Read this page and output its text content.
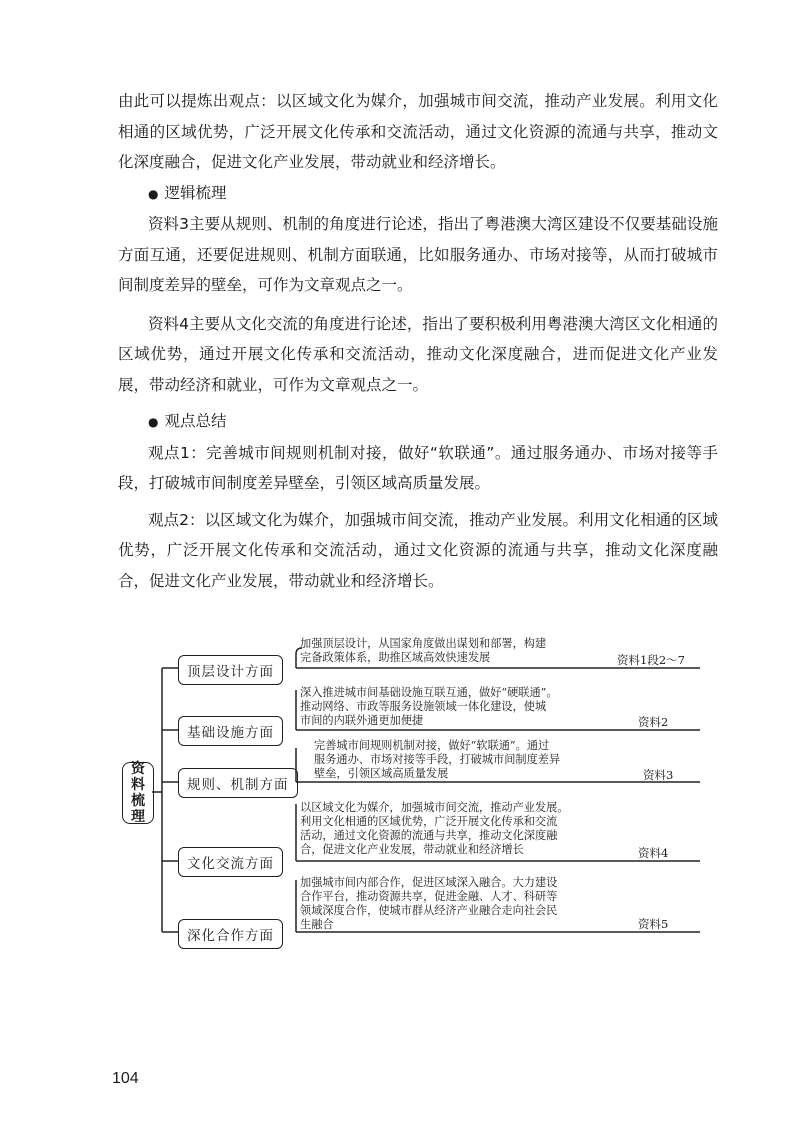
由此可以提炼出观点：以区域文化为媒介，加强城市间交流，推动产业发展。利用文化相通的区域优势，广泛开展文化传承和交流活动，通过文化资源的流通与共享，推动文化深度融合，促进文化产业发展，带动就业和经济增长。

● 逻辑梳理

资料3主要从规则、机制的角度进行论述，指出了粤港澳大湾区建设不仅要基础设施方面互通，还要促进规则、机制方面联通，比如服务通办、市场对接等，从而打破城市间制度差异的壁垒，可作为文章观点之一。

资料4主要从文化交流的角度进行论述，指出了要积极利用粤港澳大湾区文化相通的区域优势，通过开展文化传承和交流活动，推动文化深度融合，进而促进文化产业发展，带动经济和就业，可作为文章观点之一。

● 观点总结

观点1：完善城市间规则机制对接，做好“软联通”。通过服务通办、市场对接等手段，打破城市间制度差异壁垒，引领区域高质量发展。

观点2：以区域文化为媒介，加强城市间交流，推动产业发展。利用文化相通的区域优势，广泛开展文化传承和交流活动，通过文化资源的流通与共享，推动文化深度融合，促进文化产业发展，带动就业和经济增长。

资
料
梳
理
顶层设计方面
加强顶层设计，从国家角度做出谋划和部署，构建
完备政策体系，助推区域高效快速发展	资料1段2～7
基础设施方面
深入推进城市间基础设施互联互通，做好“硬联通”。
推动网络、市政等服务设施领域一体化建设，使城
市间的内联外通更加便捷	资料2
规则、机制方面
完善城市间规则机制对接，做好“软联通”。通过
服务通办、市场对接等手段，打破城市间制度差异
壁垒，引领区域高质量发展	资料3
文化交流方面
以区域文化为媒介，加强城市间交流，推动产业发展。
利用文化相通的区域优势，广泛开展文化传承和交流
活动，通过文化资源的流通与共享，推动文化深度融
合，促进文化产业发展，带动就业和经济增长	资料4
深化合作方面
加强城市间内部合作，促进区域深入融合。大力建设
合作平台，推动资源共享，促进金融、人才、科研等
领域深度合作，使城市群从经济产业融合走向社会民
生融合	资料5
104
